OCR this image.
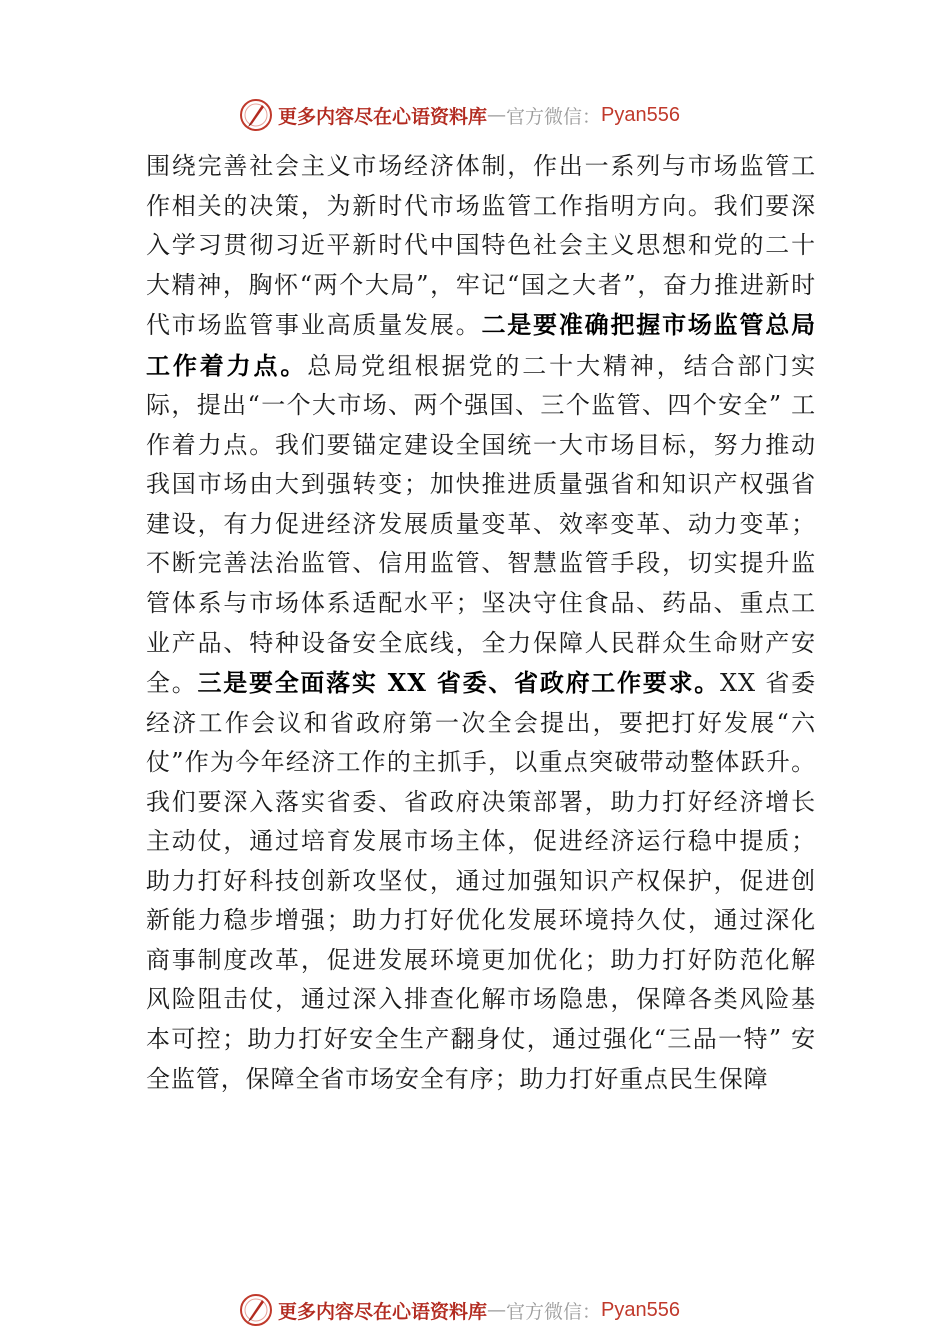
更多内容尽在心语资料库 — 官方微信： Pyan556
围绕完善社会主义市场经济体制，作出一系列与市场监管工作相关的决策，为新时代市场监管工作指明方向。我们要深入学习贯彻习近平新时代中国特色社会主义思想和党的二十大精神，胸怀“两个大局”，牢记“国之大者”，奋力推进新时代市场监管事业高质量发展。二是要准确把握市场监管总局工作着力点。总局党组根据党的二十大精神，结合部门实际，提出“一个大市场、两个强国、三个监管、四个安全” 工作着力点。我们要锚定建设全国统一大市场目标，努力推动我国市场由大到强转变；加快推进质量强省和知识产权强省建设，有力促进经济发展质量变革、效率变革、动力变革； 不断完善法治监管、信用监管、智慧监管手段，切实提升监管体系与市场体系适配水平；坚决守住食品、药品、重点工业产品、特种设备安全底线，全力保障人民群众生命财产安全。三是要全面落实 XX 省委、省政府工作要求。XX 省委经济工作会议和省政府第一次全会提出，要把打好发展“六仗”作为今年经济工作的主抓手，以重点突破带动整体跃升。我们要深入落实省委、省政府决策部署，助力打好经济增长主动仗，通过培育发展市场主体，促进经济运行稳中提质； 助力打好科技创新攻坚仗，通过加强知识产权保护，促进创新能力稳步增强；助力打好优化发展环境持久仗，通过深化商事制度改革，促进发展环境更加优化；助力打好防范化解风险阻击仗，通过深入排查化解市场隐患，保障各类风险基本可控；助力打好安全生产翻身仗，通过强化“三品一特” 安全监管，保障全省市场安全有序；助力打好重点民生保障
更多内容尽在心语资料库 — 官方微信： Pyan556
